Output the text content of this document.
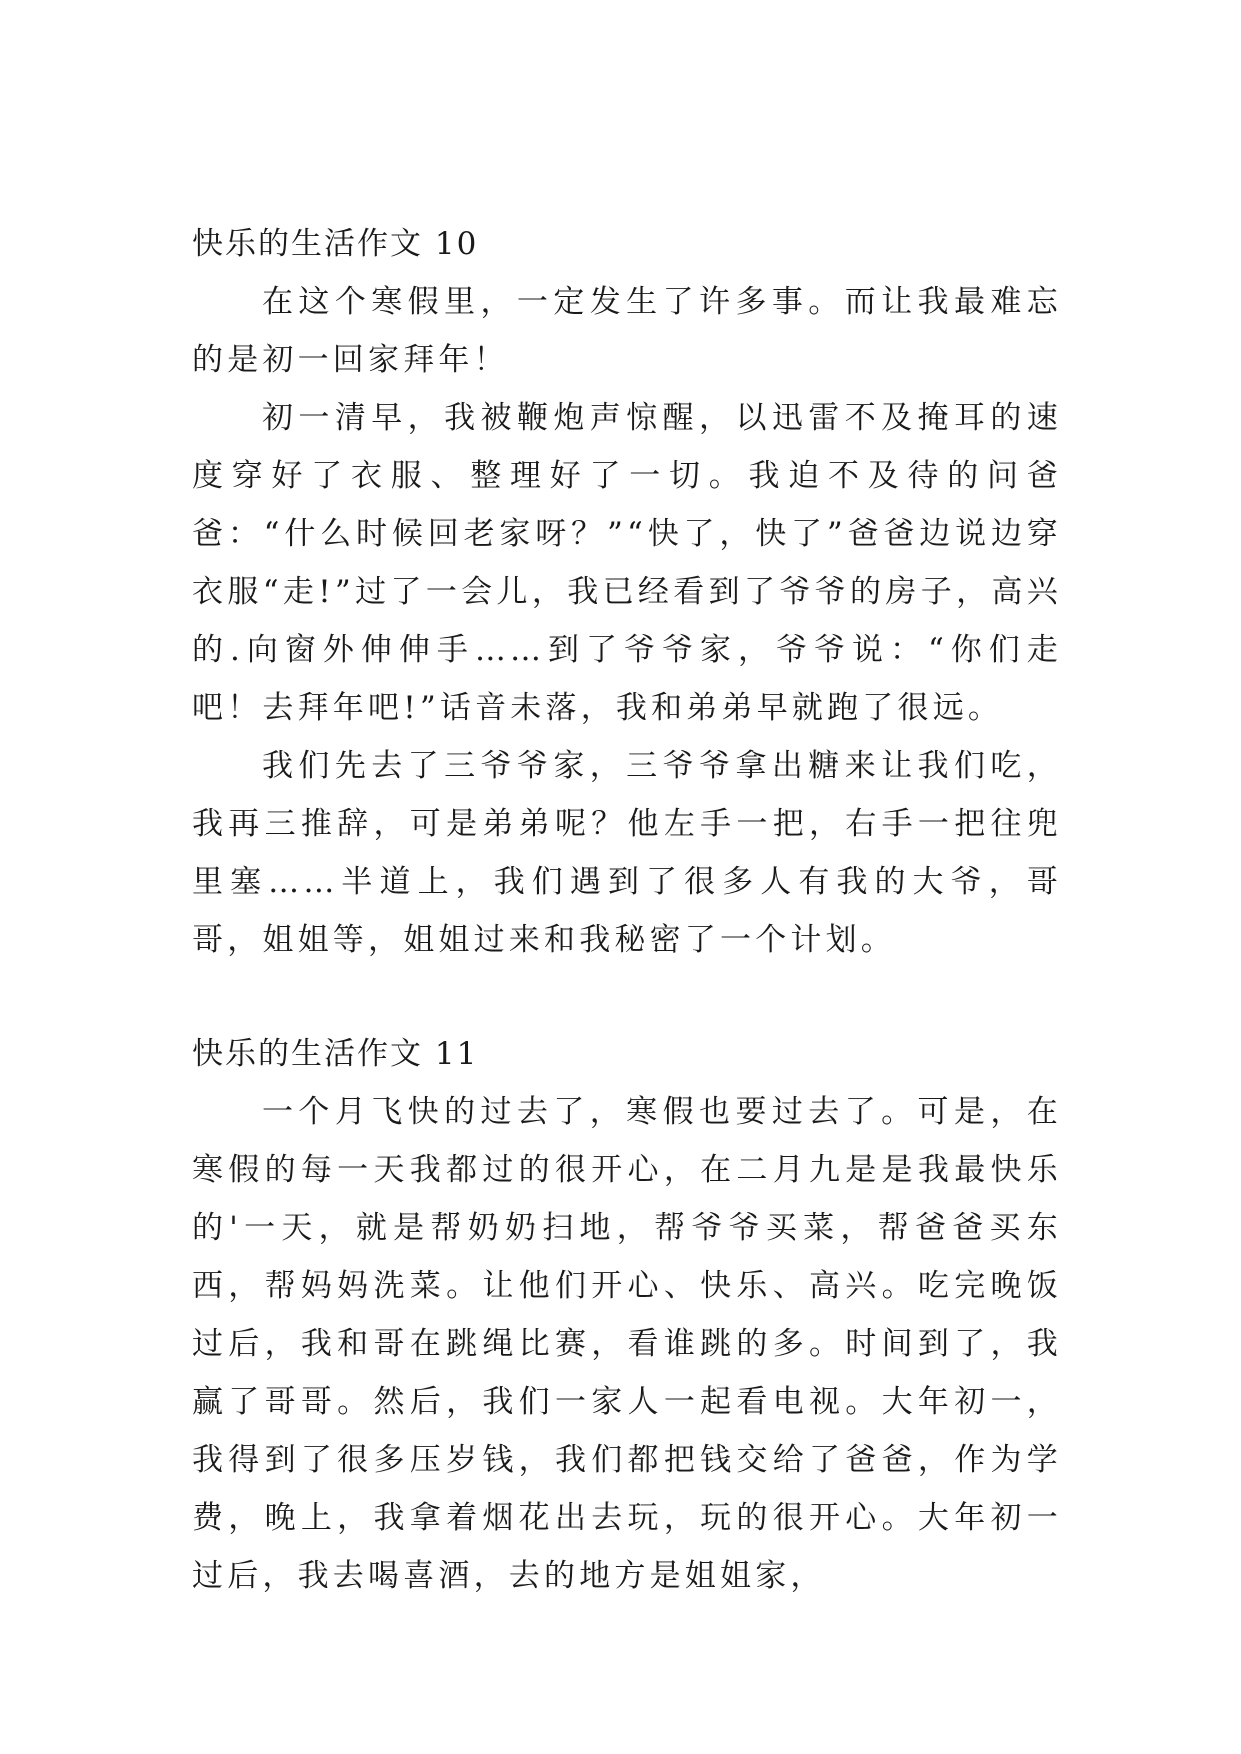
快乐的生活作文 10

在这个寒假里，一定发生了许多事。而让我最难忘的是初一回家拜年！

初一清早，我被鞭炮声惊醒，以迅雷不及掩耳的速度穿好了衣服、整理好了一切。我迫不及待的问爸爸：“什么时候回老家呀？”“快了，快了”爸爸边说边穿衣服“走!”过了一会儿，我已经看到了爷爷的房子，高兴的.向窗外伸伸手……到了爷爷家，爷爷说：“你们走吧！去拜年吧!”话音未落，我和弟弟早就跑了很远。

我们先去了三爷爷家，三爷爷拿出糖来让我们吃，我再三推辞，可是弟弟呢？他左手一把，右手一把往兜里塞……半道上，我们遇到了很多人有我的大爷，哥哥，姐姐等，姐姐过来和我秘密了一个计划。

快乐的生活作文 11

一个月飞快的过去了，寒假也要过去了。可是，在寒假的每一天我都过的很开心，在二月九是是我最快乐的'一天，就是帮奶奶扫地，帮爷爷买菜，帮爸爸买东西，帮妈妈洗菜。让他们开心、快乐、高兴。吃完晚饭过后，我和哥在跳绳比赛，看谁跳的多。时间到了，我赢了哥哥。然后，我们一家人一起看电视。大年初一，我得到了很多压岁钱，我们都把钱交给了爸爸，作为学费，晚上，我拿着烟花出去玩，玩的很开心。大年初一过后，我去喝喜酒，去的地方是姐姐家，
